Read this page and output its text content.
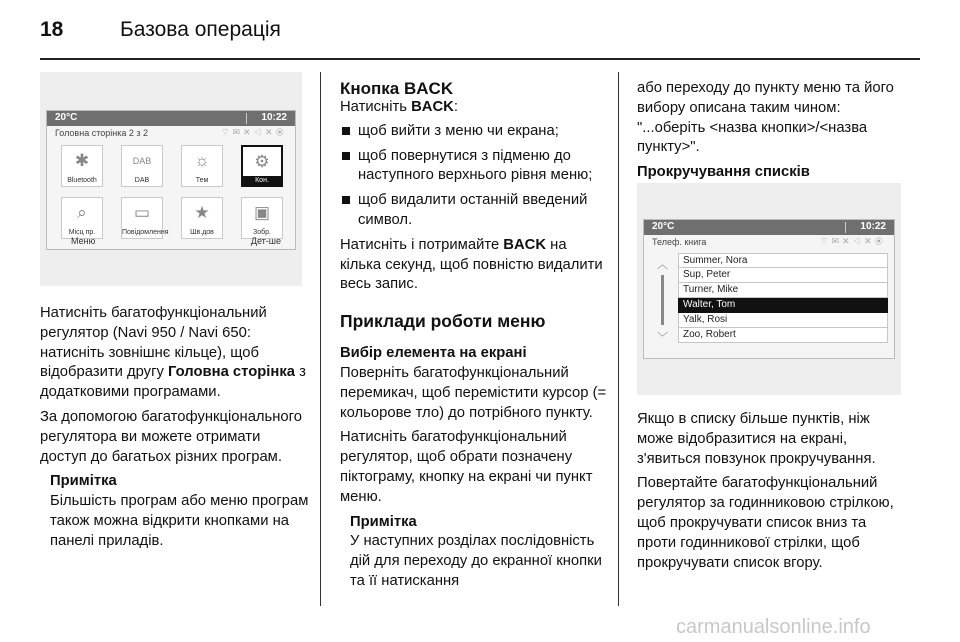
18	Базова операція
20°C	10:22
Головна сторінка 2 з 2	⌔✉✕◁✕◉
✱
Bluetooth
DAB
DAB
☼
Тем
⚙
Кон.
⌕
Місц пр.
▭
Повідомлення
★
Шв.дов
▣
Зобр.
Меню	Дет-ше

Натисніть багатофункціональний регулятор (Navi 950 / Navi 650: натисніть зовнішнє кільце), щоб відобразити другу Головна сторінка з додатковими програмами.

За допомогою багатофункціонального регулятора ви можете отримати доступ до багатьох різних програм.

Примітка

Більшість програм або меню програм також можна відкрити кнопками на панелі приладів.

Кнопка BACK

Натисніть BACK:

щоб вийти з меню чи екрана;
щоб повернутися з підменю до наступного верхнього рівня меню;
щоб видалити останній введений символ.

Натисніть і потримайте BACK на кілька секунд, щоб повністю видалити весь запис.

Приклади роботи меню

Вибір елемента на екрані

Поверніть багатофункціональний перемикач, щоб перемістити курсор (= кольорове тло) до потрібного пункту.

Натисніть багатофункціональний регулятор, щоб обрати позначену піктограму, кнопку на екрані чи пункт меню.

Примітка

У наступних розділах послідовність дій для переходу до екранної кнопки та її натискання

або переходу до пункту меню та його вибору описана таким чином: "...оберіть <назва кнопки>/<назва пункту>".

Прокручування списків

20°C	10:22
Телеф. книга	⌔✉✕◁✕◉
︿
﹀
Summer, Nora
Sup, Peter
Turner, Mike
Walter, Tom
Yalk, Rosi
Zoo, Robert

Якщо в списку більше пунктів, ніж може відобразитися на екрані, з'явиться повзунок прокручування.

Повертайте багатофункціональний регулятор за годинниковою стрілкою, щоб прокручувати список вниз та проти годинникової стрілки, щоб прокручувати список вгору.

carmanualsonline.info
